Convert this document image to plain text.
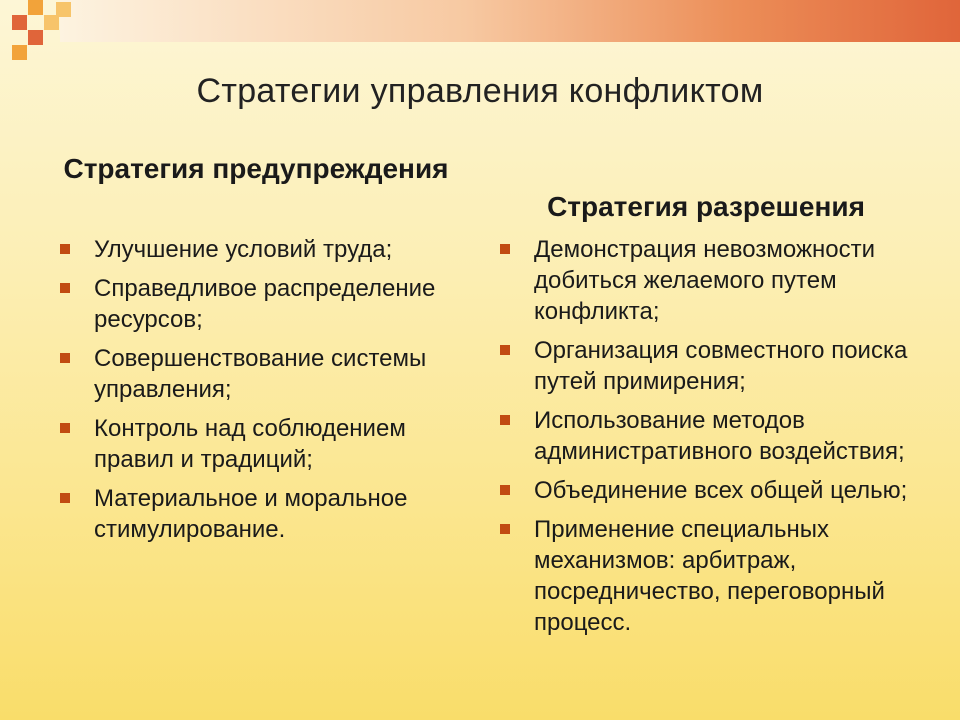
Стратегии управления конфликтом
Стратегия предупреждения
Улучшение условий труда;
Справедливое распределение ресурсов;
Совершенствование системы управления;
Контроль над соблюдением правил и традиций;
Материальное и моральное стимулирование.
Стратегия разрешения
Демонстрация невозможности добиться желаемого путем конфликта;
Организация совместного поиска путей примирения;
Использование методов административного воздействия;
Объединение всех общей целью;
Применение специальных механизмов: арбитраж, посредничество, переговорный процесс.
